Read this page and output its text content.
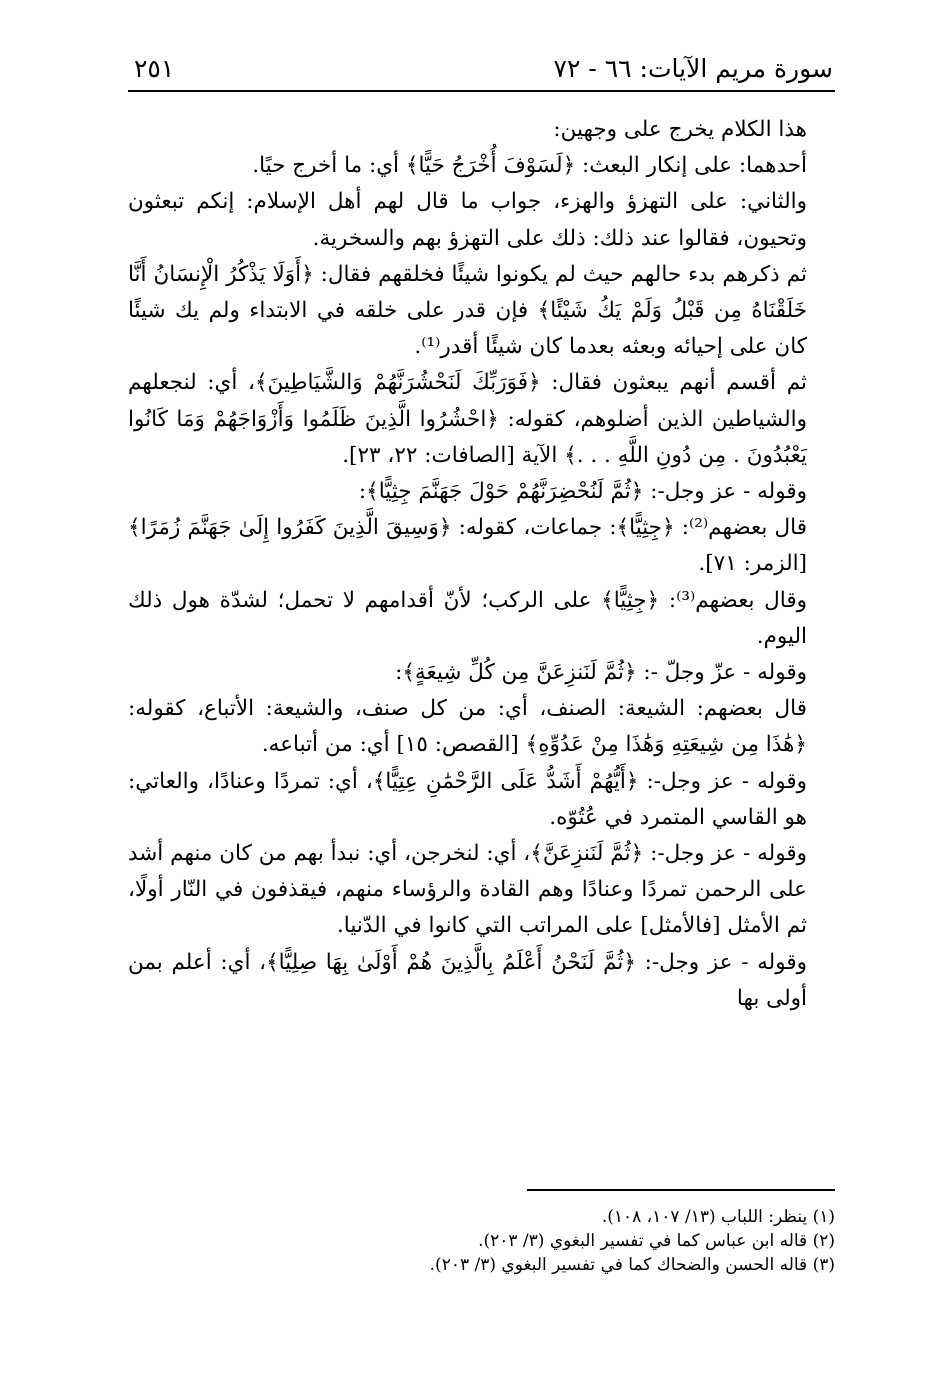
سورة مريم الآيات: ٦٦ - ٧٢
٢٥١

هذا الكلام يخرج على وجهين:

أحدهما: على إنكار البعث: ﴿لَسَوْفَ أُخْرَجُ حَيًّا﴾ أي: ما أخرج حيًا.

والثاني: على التهزؤ والهزء، جواب ما قال لهم أهل الإسلام: إنكم تبعثون وتحيون، فقالوا عند ذلك: ذلك على التهزؤ بهم والسخرية.

ثم ذكرهم بدء حالهم حيث لم يكونوا شيئًا فخلقهم فقال: ﴿أَوَلَا يَذْكُرُ الْإِنسَانُ أَنَّا خَلَقْنَاهُ مِن قَبْلُ وَلَمْ يَكُ شَيْئًا﴾ فإن قدر على خلقه في الابتداء ولم يك شيئًا كان على إحيائه وبعثه بعدما كان شيئًا أقدر⁽¹⁾.

ثم أقسم أنهم يبعثون فقال: ﴿فَوَرَبِّكَ لَنَحْشُرَنَّهُمْ وَالشَّيَاطِينَ﴾، أي: لنجعلهم والشياطين الذين أضلوهم، كقوله: ﴿احْشُرُوا الَّذِينَ ظَلَمُوا وَأَزْوَاجَهُمْ وَمَا كَانُوا يَعْبُدُونَ . مِن دُونِ اللَّهِ . . .﴾ الآية [الصافات: ٢٢، ٢٣].

وقوله - عز وجل-: ﴿ثُمَّ لَنُحْضِرَنَّهُمْ حَوْلَ جَهَنَّمَ جِثِيًّا﴾:

قال بعضهم⁽²⁾: ﴿جِثِيًّا﴾: جماعات، كقوله: ﴿وَسِيقَ الَّذِينَ كَفَرُوا إِلَىٰ جَهَنَّمَ زُمَرًا﴾ [الزمر: ٧١].

وقال بعضهم⁽³⁾: ﴿جِثِيًّا﴾ على الركب؛ لأنّ أقدامهم لا تحمل؛ لشدّة هول ذلك اليوم.

وقوله - عزّ وجلّ -: ﴿ثُمَّ لَنَنزِعَنَّ مِن كُلِّ شِيعَةٍ﴾:

قال بعضهم: الشيعة: الصنف، أي: من كل صنف، والشيعة: الأتباع، كقوله: ﴿هَٰذَا مِن شِيعَتِهِ وَهَٰذَا مِنْ عَدُوِّهِ﴾ [القصص: ١٥] أي: من أتباعه.

وقوله - عز وجل-: ﴿أَيُّهُمْ أَشَدُّ عَلَى الرَّحْمَٰنِ عِتِيًّا﴾، أي: تمردًا وعنادًا، والعاتي: هو القاسي المتمرد في عُتُوّه.

وقوله - عز وجل-: ﴿ثُمَّ لَنَنزِعَنَّ﴾، أي: لنخرجن، أي: نبدأ بهم من كان منهم أشد على الرحمن تمردًا وعنادًا وهم القادة والرؤساء منهم، فيقذفون في النّار أولًا، ثم الأمثل [فالأمثل] على المراتب التي كانوا في الدّنيا.

وقوله - عز وجل-: ﴿ثُمَّ لَنَحْنُ أَعْلَمُ بِالَّذِينَ هُمْ أَوْلَىٰ بِهَا صِلِيًّا﴾، أي: أعلم بمن أولى بها

(١) ينظر: اللباب (١٣/ ١٠٧، ١٠٨).

(٢) قاله ابن عباس كما في تفسير البغوي (٣/ ٢٠٣).

(٣) قاله الحسن والضحاك كما في تفسير البغوي (٣/ ٢٠٣).
